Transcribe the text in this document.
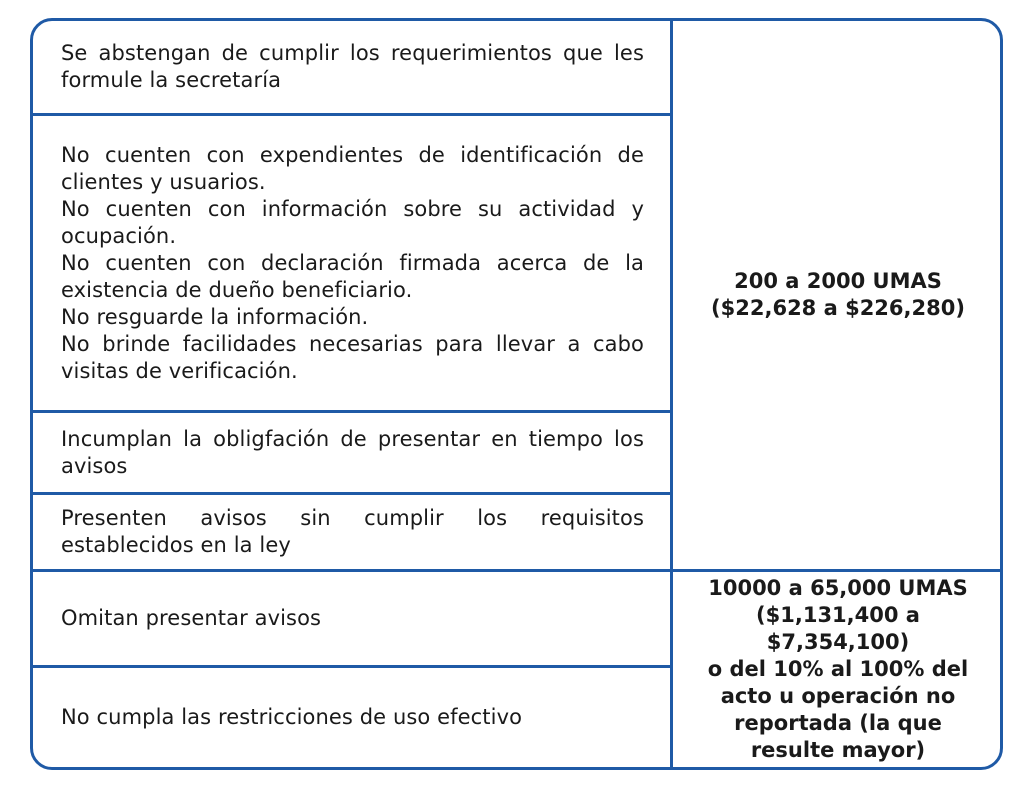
Se abstengan de cumplir los requerimientos que les
formule la secretaría
No cuenten con expendientes de identificación de
clientes y usuarios.
No cuenten con información sobre su actividad y
ocupación.
No cuenten con declaración firmada acerca de la
existencia de dueño beneficiario.
No resguarde la información.
No brinde facilidades necesarias para llevar a cabo
visitas de verificación.
Incumplan la obligfación de presentar en tiempo los
avisos
Presenten avisos sin cumplir los requisitos
establecidos en la ley
Omitan presentar avisos
No cumpla las restricciones de uso efectivo
200 a 2000 UMAS
($22,628 a $226,280)
10000 a 65,000 UMAS
($1,131,400 a $7,354,100)
o del 10% al 100% del
acto u operación no
reportada (la que
resulte mayor)
